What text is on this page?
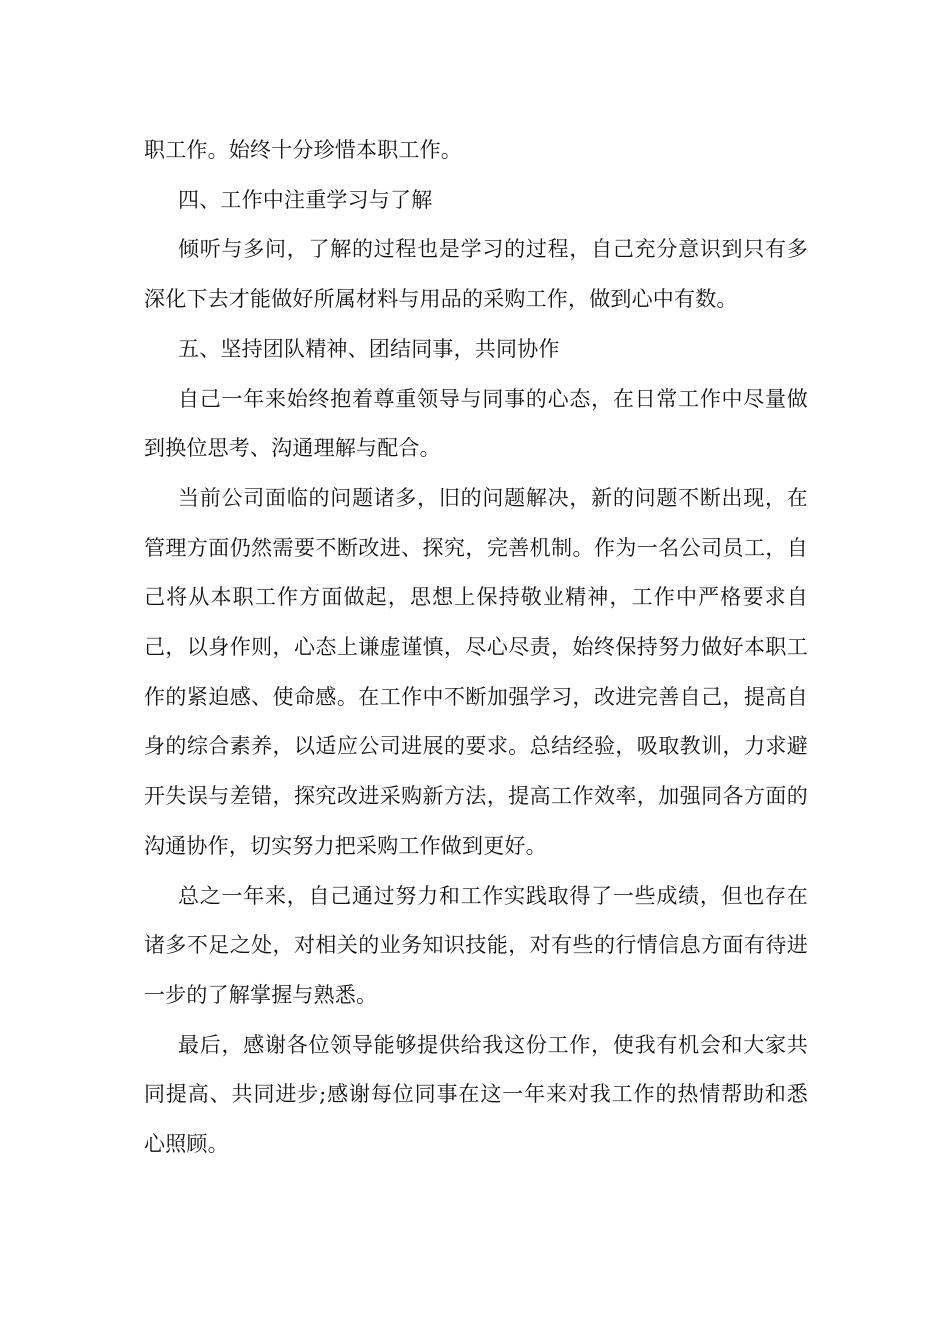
职工作。始终十分珍惜本职工作。

四、工作中注重学习与了解

倾听与多问，了解的过程也是学习的过程，自己充分意识到只有多深化下去才能做好所属材料与用品的采购工作，做到心中有数。

五、坚持团队精神、团结同事，共同协作

自己一年来始终抱着尊重领导与同事的心态，在日常工作中尽量做到换位思考、沟通理解与配合。

当前公司面临的问题诸多，旧的问题解决，新的问题不断出现，在管理方面仍然需要不断改进、探究，完善机制。作为一名公司员工，自己将从本职工作方面做起，思想上保持敬业精神，工作中严格要求自己，以身作则，心态上谦虚谨慎，尽心尽责，始终保持努力做好本职工作的紧迫感、使命感。在工作中不断加强学习，改进完善自己，提高自身的综合素养，以适应公司进展的要求。总结经验，吸取教训，力求避开失误与差错，探究改进采购新方法，提高工作效率，加强同各方面的沟通协作，切实努力把采购工作做到更好。

总之一年来，自己通过努力和工作实践取得了一些成绩，但也存在诸多不足之处，对相关的业务知识技能，对有些的行情信息方面有待进一步的了解掌握与熟悉。

最后，感谢各位领导能够提供给我这份工作，使我有机会和大家共同提高、共同进步;感谢每位同事在这一年来对我工作的热情帮助和悉心照顾。
